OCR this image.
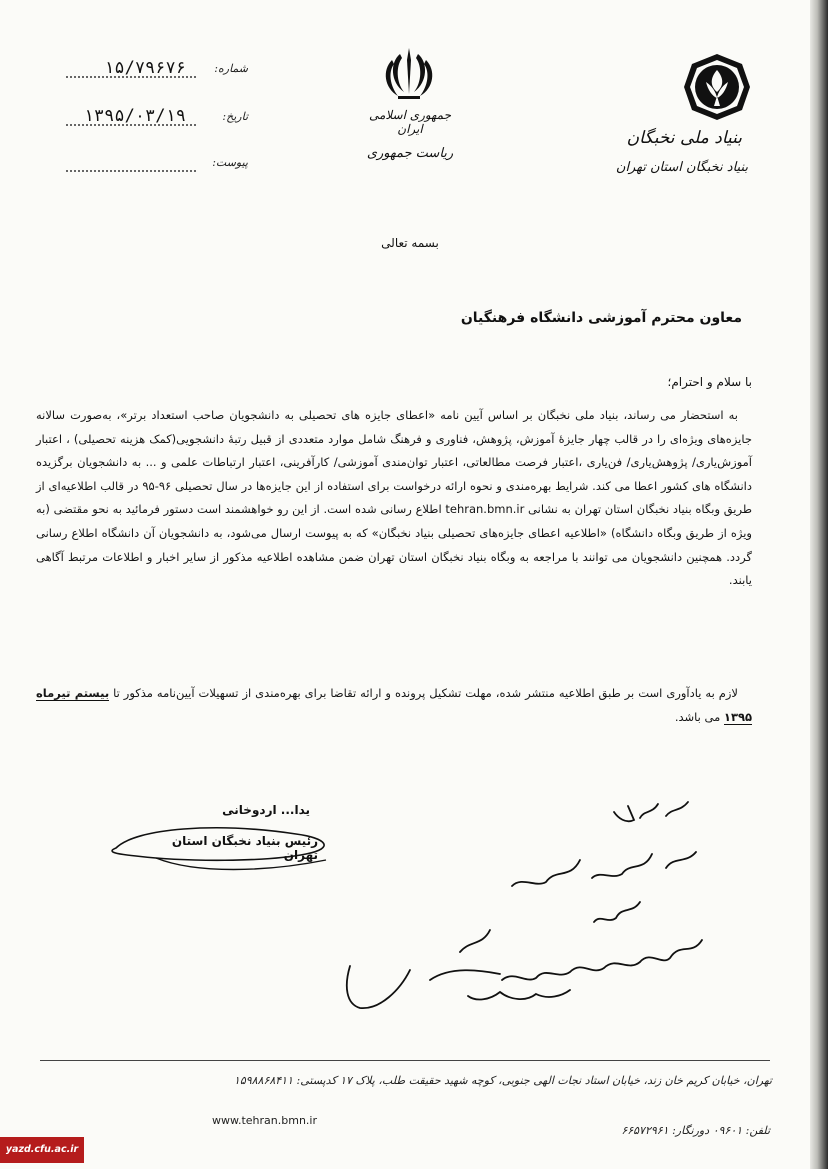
بنیاد ملی نخبگان
بنیاد نخبگان استان تهران
جمهوری اسلامی ایران
ریاست جمهوری
شماره:
۱۵/۷۹۶۷۶
تاریخ:
۱۳۹۵/۰۳/۱۹
پیوست:
بسمه تعالی
معاون محترم آموزشی دانشگاه فرهنگیان
با سلام و احترام؛
به استحضار می رساند، بنیاد ملی نخبگان بر اساس آیین نامه «اعطای جایزه های تحصیلی به دانشجویان صاحب استعداد برتر»، به‌صورت سالانه جایزه‌های ویژه‌ای را در قالب چهار جایزهٔ آموزش، پژوهش، فناوری و فرهنگ شامل موارد متعددی از قبیل رتبهٔ دانشجویی(کمک هزینه تحصیلی) ، اعتبار آموزش‌یاری/ پژوهش‌یاری/ فن‌یاری ،اعتبار فرصت مطالعاتی، اعتبار توان‌مندی آموزشی/ کارآفرینی، اعتبار ارتباطات علمی و ... به دانشجویان برگزیده دانشگاه های کشور اعطا می کند. شرایط بهره‌مندی و نحوه ارائه درخواست برای استفاده از این جایزه‌ها در سال تحصیلی ۹۶-۹۵ در قالب اطلاعیه‌ای از طریق وبگاه بنیاد نخبگان استان تهران به نشانی tehran.bmn.ir اطلاع رسانی شده است. از این رو خواهشمند است دستور فرمائید به نحو مقتضی (به ویژه از طریق وبگاه دانشگاه) «اطلاعیه اعطای جایزه‌های تحصیلی بنیاد نخبگان» که به پیوست ارسال می‌شود، به دانشجویان آن دانشگاه اطلاع رسانی گردد. همچنین دانشجویان می توانند با مراجعه به وبگاه بنیاد نخبگان استان تهران ضمن مشاهده اطلاعیه مذکور از سایر اخبار و اطلاعات مرتبط آگاهی یابند.
لازم به یادآوری است بر طبق اطلاعیه منتشر شده، مهلت تشکیل پرونده و ارائه تقاضا برای بهره‌مندی از تسهیلات آیین‌نامه مذکور تا بیستم تیرماه ۱۳۹۵ می باشد.
یدا... اردوخانی
رئیس بنیاد نخبگان استان تهران
تهران، خیابان کریم خان زند، خیابان استاد نجات الهی جنوبی، کوچه شهید حقیقت طلب، پلاک ۱۷ کدپستی: ۱۵۹۸۸۶۸۴۱۱
www.tehran.bmn.ir
تلفن: ۰۹۶۰۱ دورنگار: ۶۶۵۷۲۹۶۱
yazd.cfu.ac.ir
